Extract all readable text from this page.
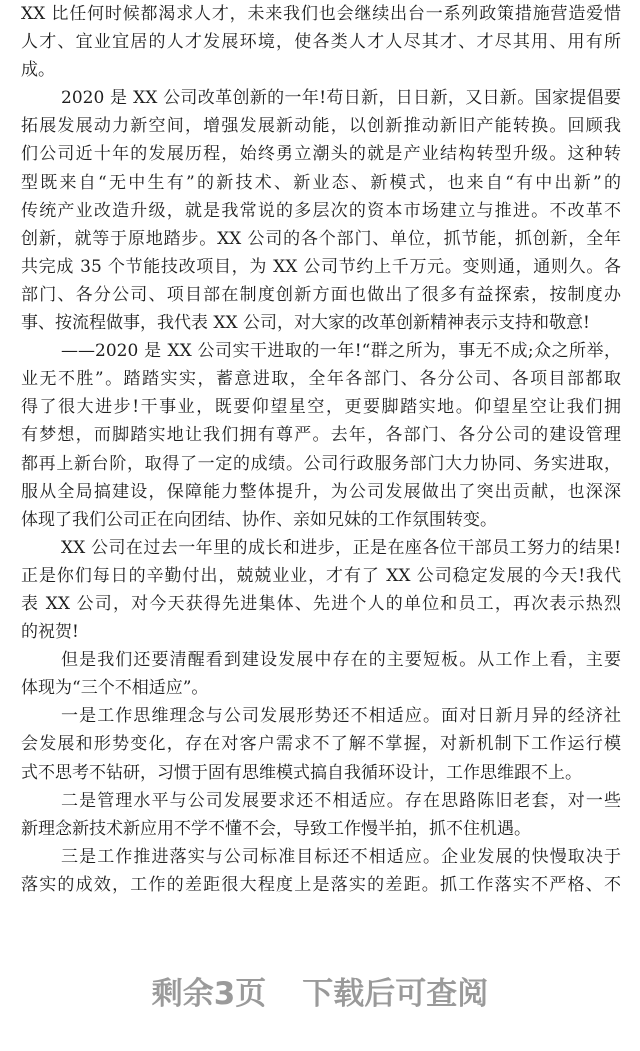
XX 比任何时候都渴求人才，未来我们也会继续出台一系列政策措施营造爱惜
人才、宜业宜居的人才发展环境，使各类人才人尽其才、才尽其用、用有所
成。
2020 是 XX 公司改革创新的一年!苟日新，日日新，又日新。国家提倡要
拓展发展动力新空间，增强发展新动能，以创新推动新旧产能转换。回顾我
们公司近十年的发展历程，始终勇立潮头的就是产业结构转型升级。这种转
型既来自“无中生有”的新技术、新业态、新模式，也来自“有中出新”的
传统产业改造升级，就是我常说的多层次的资本市场建立与推进。不改革不
创新，就等于原地踏步。XX 公司的各个部门、单位，抓节能，抓创新，全年
共完成 35 个节能技改项目，为 XX 公司节约上千万元。变则通，通则久。各
部门、各分公司、项目部在制度创新方面也做出了很多有益探索，按制度办
事、按流程做事，我代表 XX 公司，对大家的改革创新精神表示支持和敬意!
——2020 是 XX 公司实干进取的一年!“群之所为，事无不成;众之所举，
业无不胜”。踏踏实实，蓄意进取，全年各部门、各分公司、各项目部都取
得了很大进步!干事业，既要仰望星空，更要脚踏实地。仰望星空让我们拥
有梦想，而脚踏实地让我们拥有尊严。去年，各部门、各分公司的建设管理
都再上新台阶，取得了一定的成绩。公司行政服务部门大力协同、务实进取，
服从全局搞建设，保障能力整体提升，为公司发展做出了突出贡献，也深深
体现了我们公司正在向团结、协作、亲如兄妹的工作氛围转变。
XX 公司在过去一年里的成长和进步，正是在座各位干部员工努力的结果!
正是你们每日的辛勤付出，兢兢业业，才有了 XX 公司稳定发展的今天!我代
表 XX 公司，对今天获得先进集体、先进个人的单位和员工，再次表示热烈
的祝贺!
但是我们还要清醒看到建设发展中存在的主要短板。从工作上看，主要
体现为“三个不相适应”。
一是工作思维理念与公司发展形势还不相适应。面对日新月异的经济社
会发展和形势变化，存在对客户需求不了解不掌握，对新机制下工作运行模
式不思考不钻研，习惯于固有思维模式搞自我循环设计，工作思维跟不上。
二是管理水平与公司发展要求还不相适应。存在思路陈旧老套，对一些
新理念新技术新应用不学不懂不会，导致工作慢半拍，抓不住机遇。
三是工作推进落实与公司标准目标还不相适应。企业发展的快慢取决于
落实的成效，工作的差距很大程度上是落实的差距。抓工作落实不严格、不
剩余3页 下载后可查阅
